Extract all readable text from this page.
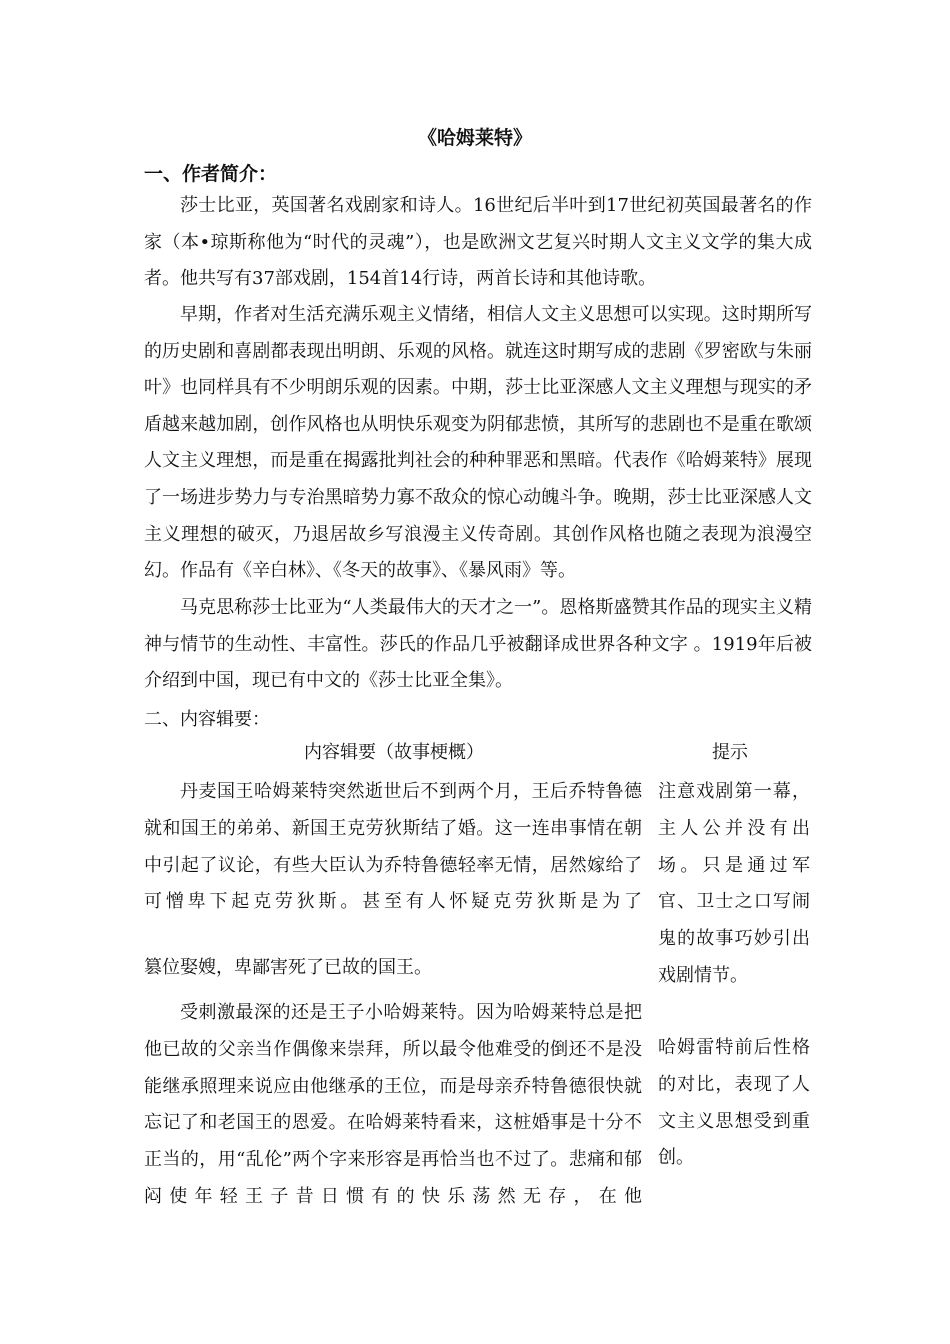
《哈姆莱特》
一、作者简介：
莎士比亚，英国著名戏剧家和诗人。16世纪后半叶到17世纪初英国最著名的作家（本•琼斯称他为“时代的灵魂”），也是欧洲文艺复兴时期人文主义文学的集大成者。他共写有37部戏剧，154首14行诗，两首长诗和其他诗歌。
早期，作者对生活充满乐观主义情绪，相信人文主义思想可以实现。这时期所写的历史剧和喜剧都表现出明朗、乐观的风格。就连这时期写成的悲剧《罗密欧与朱丽叶》也同样具有不少明朗乐观的因素。中期，莎士比亚深感人文主义理想与现实的矛盾越来越加剧，创作风格也从明快乐观变为阴郁悲愤，其所写的悲剧也不是重在歌颂人文主义理想，而是重在揭露批判社会的种种罪恶和黑暗。代表作《哈姆莱特》展现了一场进步势力与专治黑暗势力寡不敌众的惊心动魄斗争。晚期，莎士比亚深感人文主义理想的破灭，乃退居故乡写浪漫主义传奇剧。其创作风格也随之表现为浪漫空幻。作品有《辛白林》、《冬天的故事》、《暴风雨》等。
马克思称莎士比亚为“人类最伟大的天才之一”。恩格斯盛赞其作品的现实主义精神与情节的生动性、丰富性。莎氏的作品几乎被翻译成世界各种文字 。1919年后被介绍到中国，现已有中文的《莎士比亚全集》。
二、内容辑要：
内容辑要（故事梗概）	提示
丹麦国王哈姆莱特突然逝世后不到两个月，王后乔特鲁德就和国王的弟弟、新国王克劳狄斯结了婚。这一连串事情在朝中引起了议论，有些大臣认为乔特鲁德轻率无情，居然嫁给了可憎卑下起克劳狄斯。甚至有人怀疑克劳狄斯是为了
篡位娶嫂，卑鄙害死了已故的国王。
注意戏剧第一幕，主人公并没有出场。只是通过军官、卫士之口写闹鬼的故事巧妙引出戏剧情节。
受刺激最深的还是王子小哈姆莱特。因为哈姆莱特总是把他已故的父亲当作偶像来崇拜，所以最令他难受的倒还不是没能继承照理来说应由他继承的王位，而是母亲乔特鲁德很快就忘记了和老国王的恩爱。在哈姆莱特看来，这桩婚事是十分不正当的，用“乱伦”两个字来形容是再恰当也不过了。悲痛和郁闷使年轻王子昔日惯有的快乐荡然无存，在他
哈姆雷特前后性格的对比，表现了人文主义思想受到重创。
